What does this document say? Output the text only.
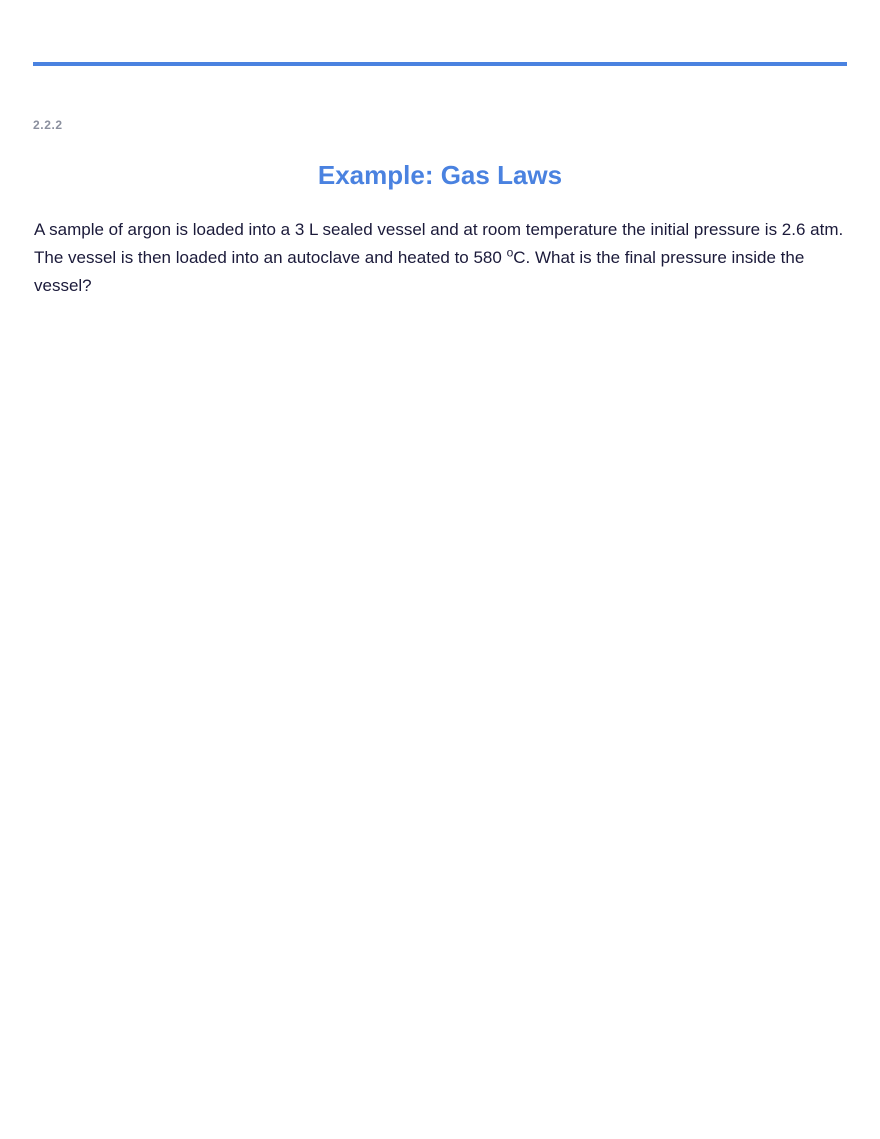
2.2.2
Example: Gas Laws

A sample of argon is loaded into a 3 L sealed vessel and at room temperature the initial pressure is 2.6 atm. The vessel is then loaded into an autoclave and heated to 580 $^o$C. What is the final pressure inside the vessel?
